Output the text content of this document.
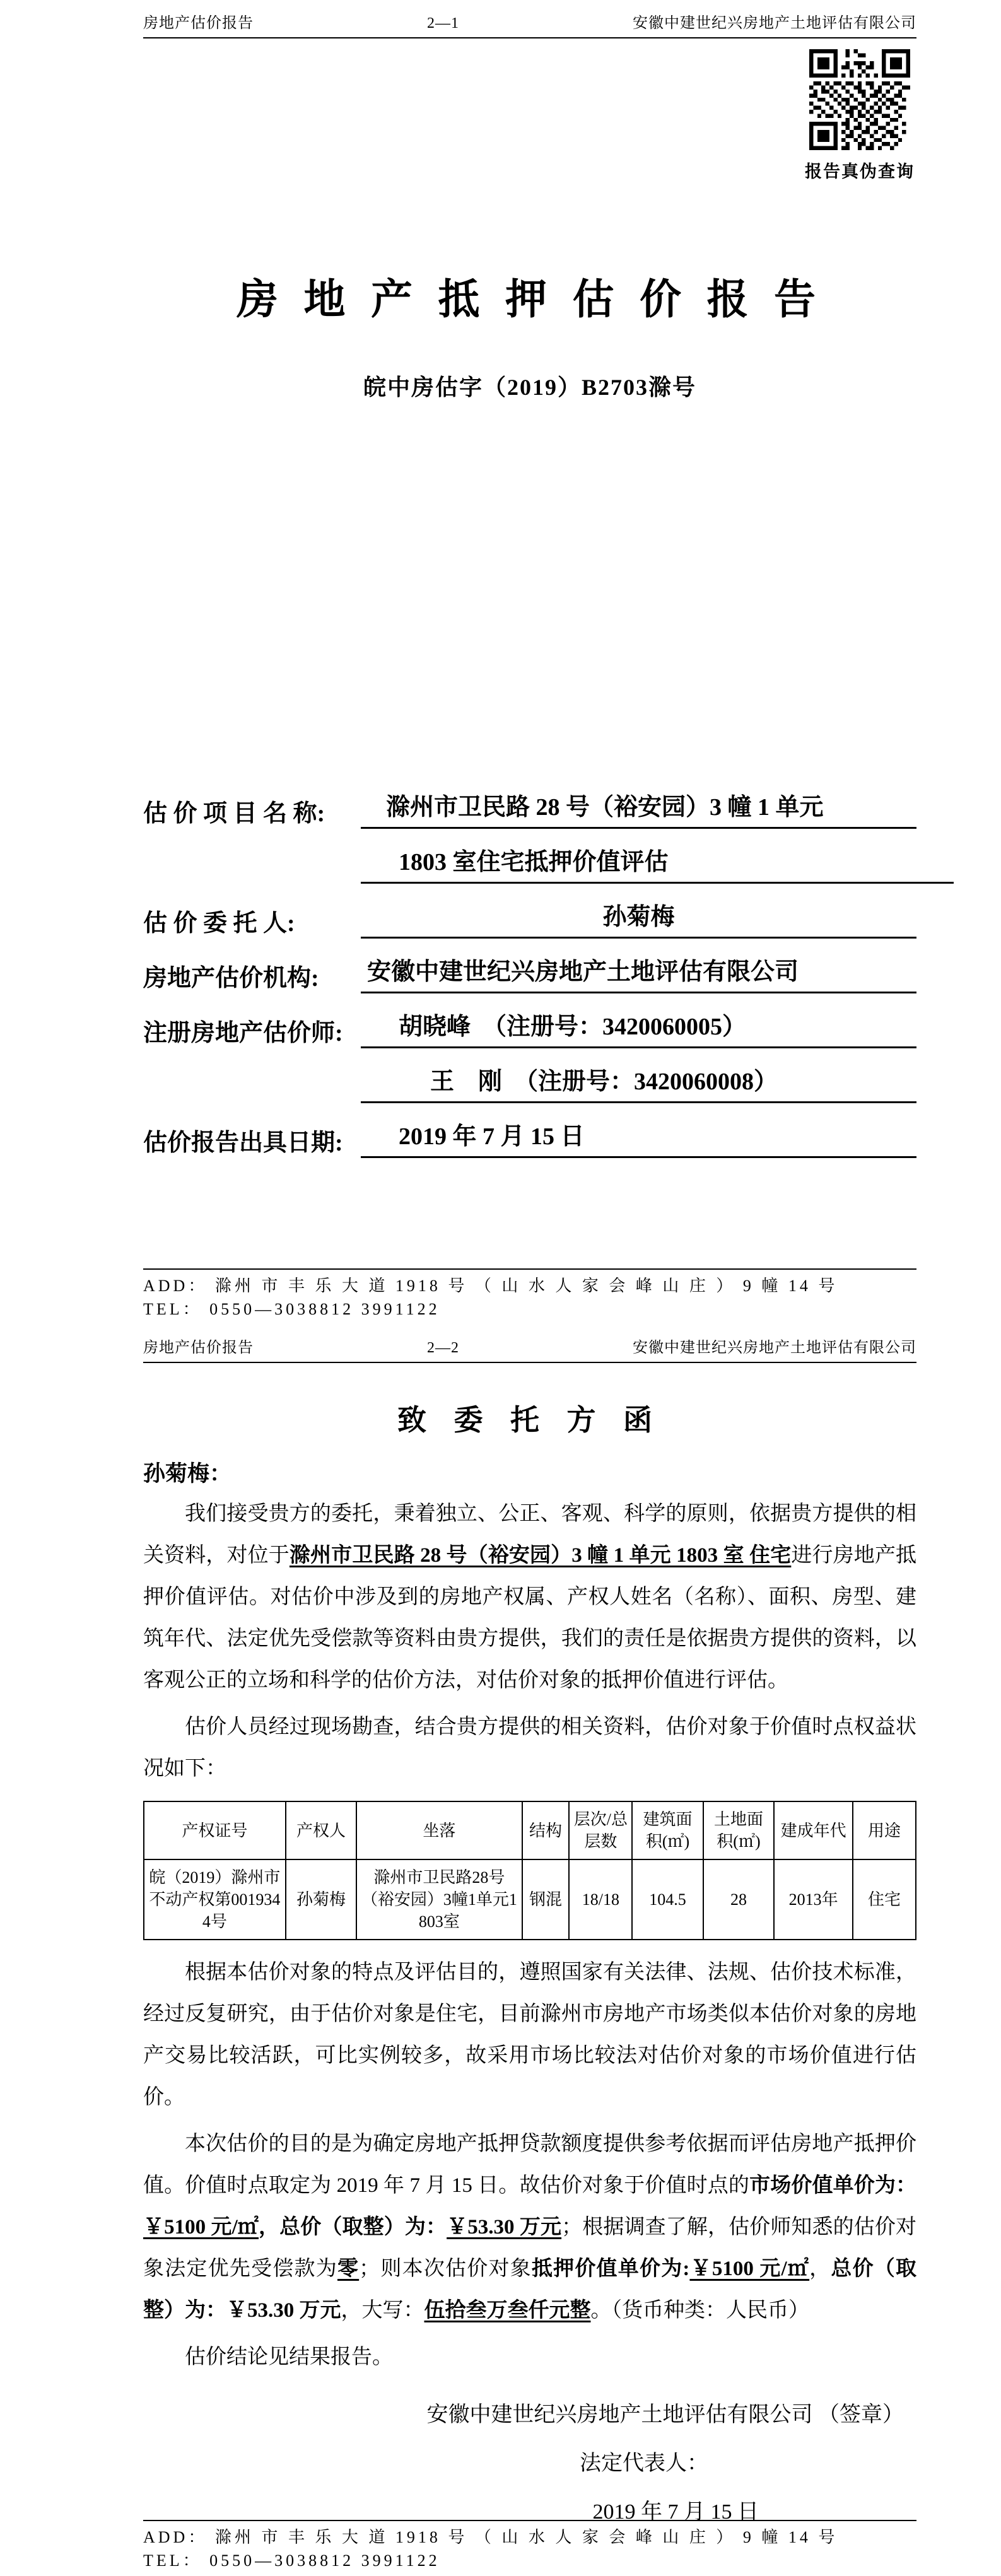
房地产估价报告	2—1	安徽中建世纪兴房地产土地评估有限公司
报告真伪查询
房 地 产 抵 押 估 价 报 告
皖中房估字（2019）B2703滁号
估 价 项 目 名 称:	滁州市卫民路 28 号（裕安园）3 幢 1 单元
1803 室住宅抵押价值评估
估 价 委 托 人:	孙菊梅
房地产估价机构:	安徽中建世纪兴房地产土地评估有限公司
注册房地产估价师:	胡晓峰　（注册号：3420060005）
王　刚　（注册号：3420060008）
估价报告出具日期:	2019 年 7 月 15 日
ADD： 滁州 市 丰 乐 大 道 1918 号 （ 山 水 人 家 会 峰 山 庄 ） 9 幢 14 号
TEL： 0550—3038812 3991122
房地产估价报告	2—2	安徽中建世纪兴房地产土地评估有限公司
致 委 托 方 函
孙菊梅：

我们接受贵方的委托，秉着独立、公正、客观、科学的原则，依据贵方提供的相关资料，对位于滁州市卫民路 28 号（裕安园）3 幢 1 单元 1803 室 住宅进行房地产抵押价值评估。对估价中涉及到的房地产权属、产权人姓名（名称）、面积、房型、建筑年代、法定优先受偿款等资料由贵方提供，我们的责任是依据贵方提供的资料，以客观公正的立场和科学的估价方法，对估价对象的抵押价值进行评估。

估价人员经过现场勘查，结合贵方提供的相关资料，估价对象于价值时点权益状况如下：

产权证号	产权人	坐落	结构	层次/总层数	建筑面积(㎡)	土地面积(㎡)	建成年代	用途
皖（2019）滁州市不动产权第0019344号	孙菊梅	滁州市卫民路28号（裕安园）3幢1单元1803室	钢混	18/18	104.5	28	2013年	住宅

根据本估价对象的特点及评估目的，遵照国家有关法律、法规、估价技术标准，经过反复研究，由于估价对象是住宅，目前滁州市房地产市场类似本估价对象的房地产交易比较活跃，可比实例较多，故采用市场比较法对估价对象的市场价值进行估价。

本次估价的目的是为确定房地产抵押贷款额度提供参考依据而评估房地产抵押价值。价值时点取定为 2019 年 7 月 15 日。故估价对象于价值时点的市场价值单价为：￥5100 元/㎡，总价（取整）为：￥53.30 万元；根据调查了解，估价师知悉的估价对象法定优先受偿款为零；则本次估价对象抵押价值单价为:￥5100 元/㎡，总价（取整）为：￥53.30 万元，大写：伍拾叁万叁仟元整。（货币种类：人民币）

估价结论见结果报告。

安徽中建世纪兴房地产土地评估有限公司 （签章）
法定代表人：
2019 年 7 月 15 日
ADD： 滁州 市 丰 乐 大 道 1918 号 （ 山 水 人 家 会 峰 山 庄 ） 9 幢 14 号
TEL： 0550—3038812 3991122
